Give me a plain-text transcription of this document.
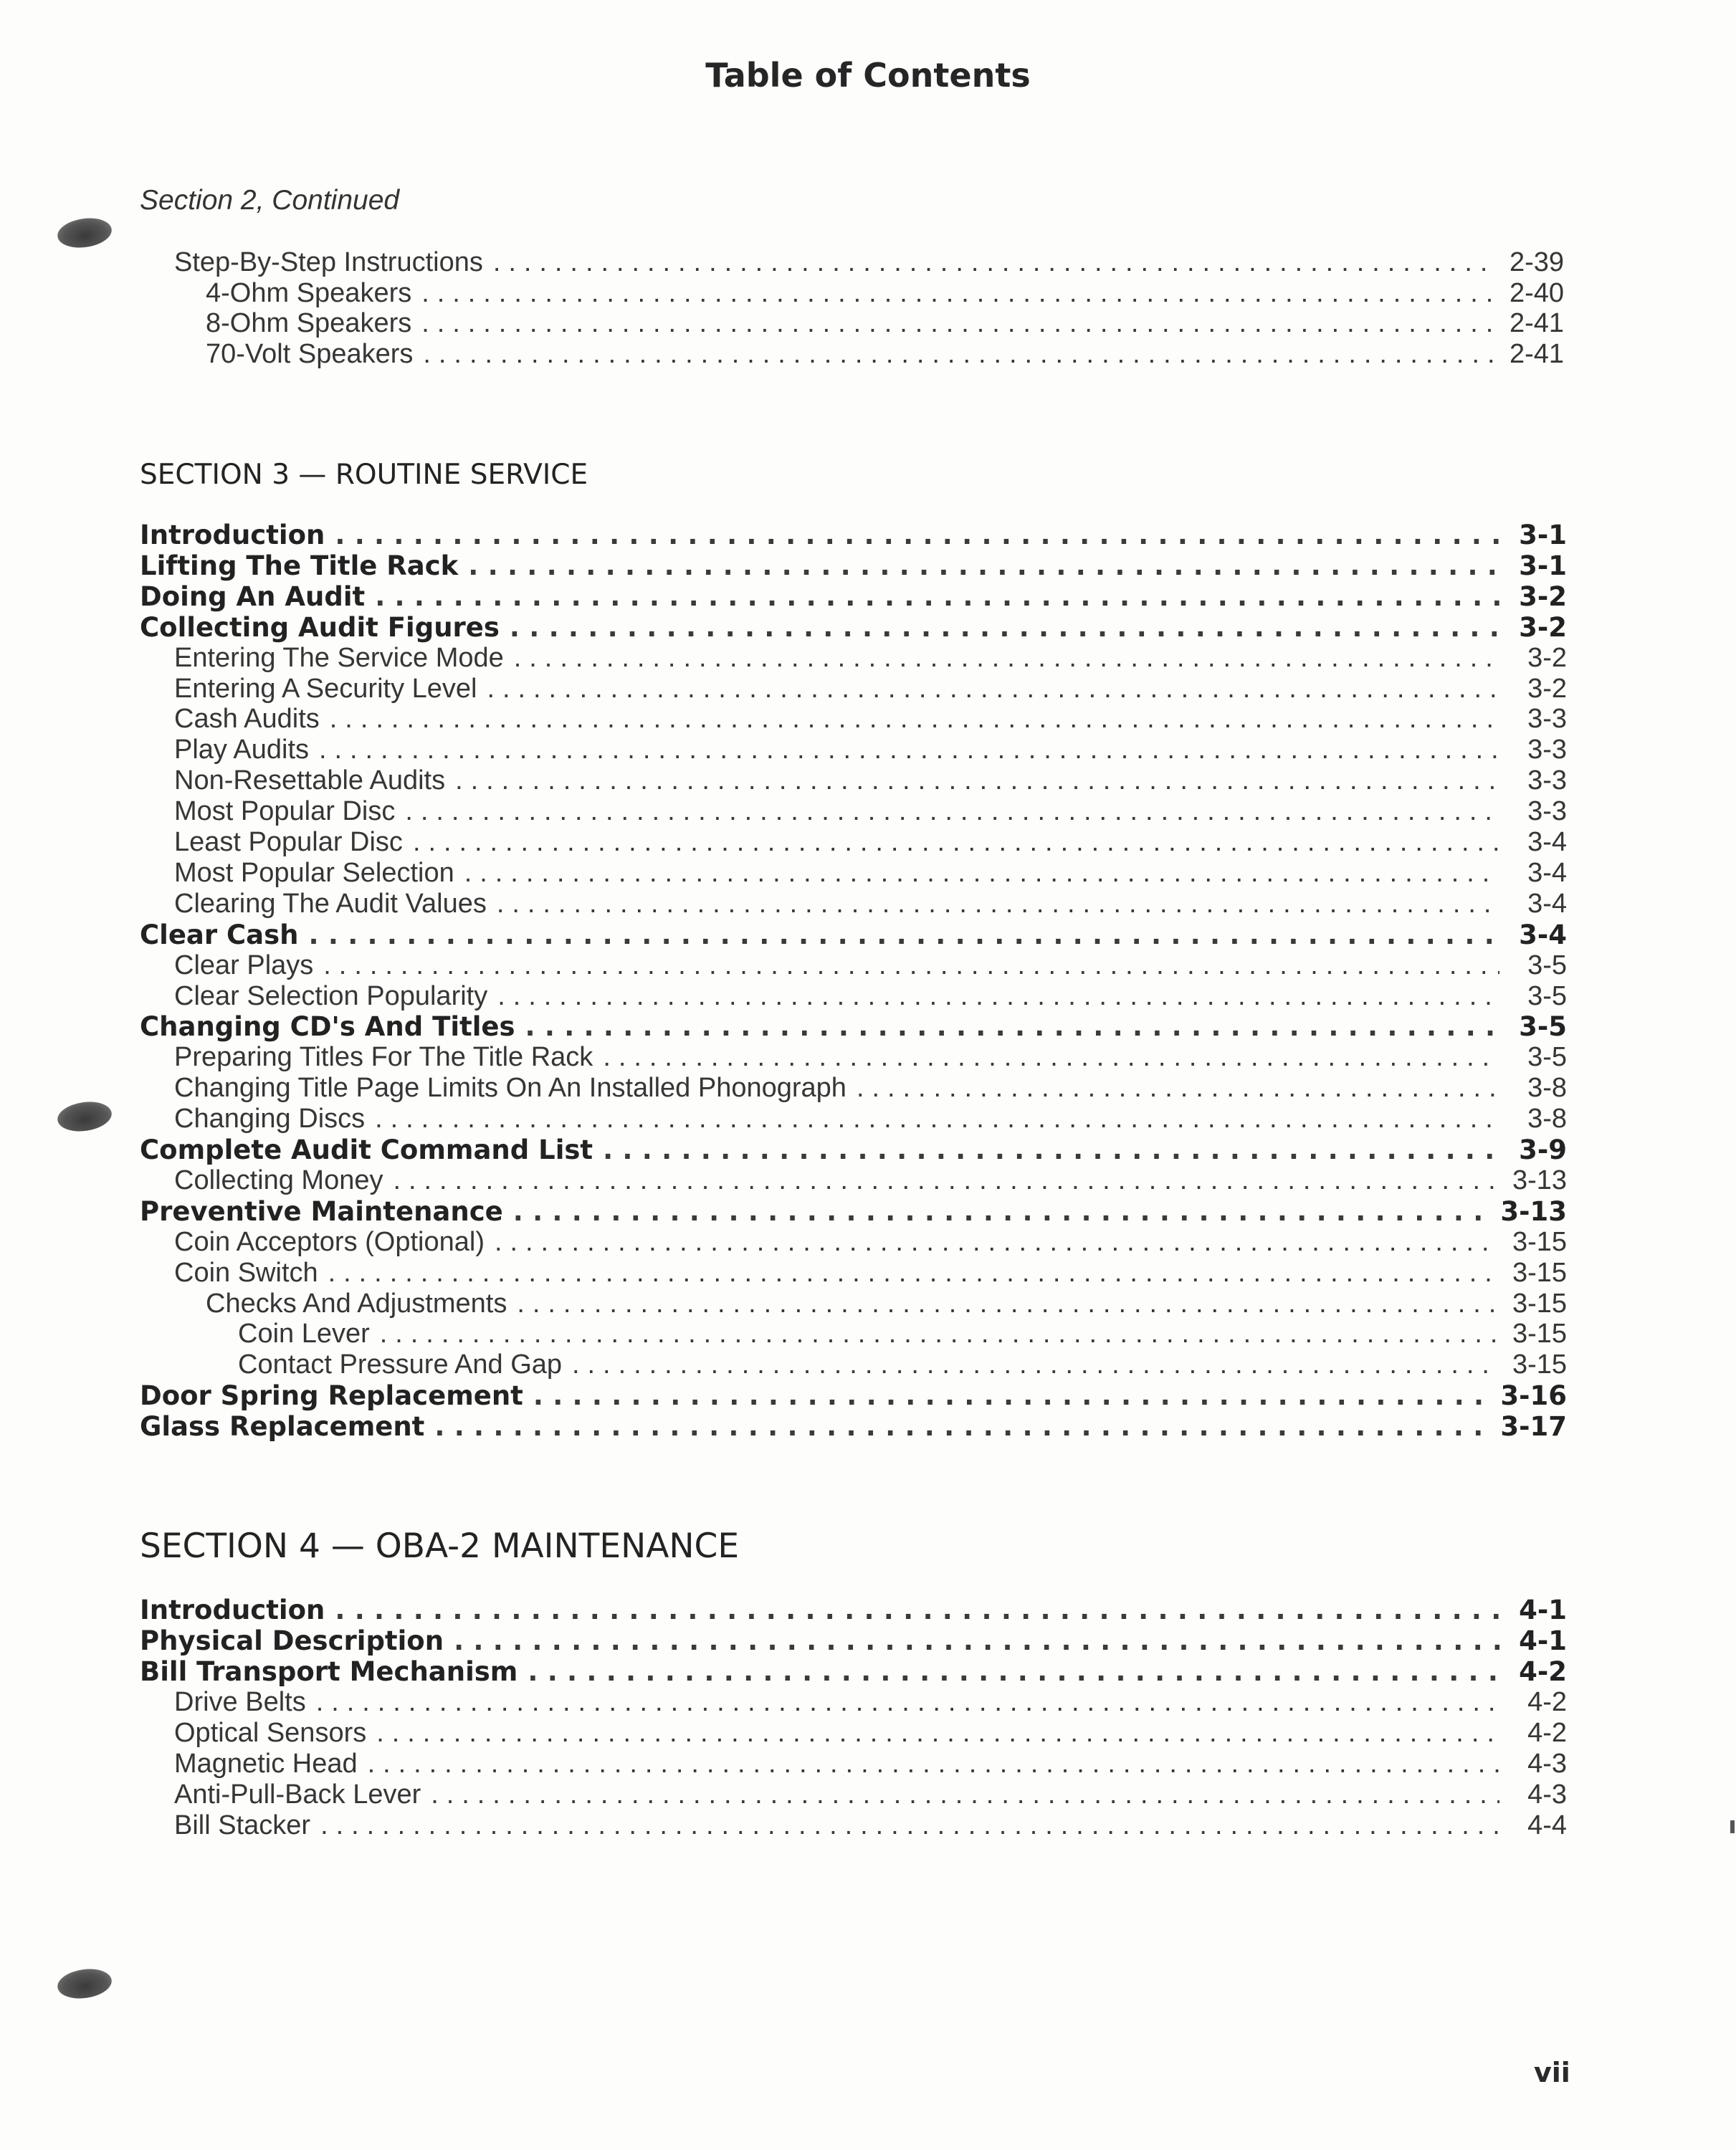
Table of Contents
Section 2, Continued
Step-By-Step Instructions . . .	2-39
4-Ohm Speakers . . .	2-40
8-Ohm Speakers . . .	2-41
70-Volt Speakers . . .	2-41
SECTION 3 — ROUTINE SERVICE
Introduction . . .	3-1
Lifting The Title Rack . . .	3-1
Doing An Audit . . .	3-2
Collecting Audit Figures . . .	3-2
Entering The Service Mode . . .	3-2
Entering A Security Level . . .	3-2
Cash Audits . . .	3-3
Play Audits . . .	3-3
Non-Resettable Audits . . .	3-3
Most Popular Disc . . .	3-3
Least Popular Disc . . .	3-4
Most Popular Selection . . .	3-4
Clearing The Audit Values . . .	3-4
Clear Cash . . .	3-4
Clear Plays . . .	3-5
Clear Selection Popularity . . .	3-5
Changing CD's And Titles . . .	3-5
Preparing Titles For The Title Rack . . .	3-5
Changing Title Page Limits On An Installed Phonograph . . .	3-8
Changing Discs . . .	3-8
Complete Audit Command List . . .	3-9
Collecting Money . . .	3-13
Preventive Maintenance . . .	3-13
Coin Acceptors (Optional) . . .	3-15
Coin Switch . . .	3-15
Checks And Adjustments . . .	3-15
Coin Lever . . .	3-15
Contact Pressure And Gap . . .	3-15
Door Spring Replacement . . .	3-16
Glass Replacement . . .	3-17
SECTION 4 — OBA-2 MAINTENANCE
Introduction . . .	4-1
Physical Description . . .	4-1
Bill Transport Mechanism . . .	4-2
Drive Belts . . .	4-2
Optical Sensors . . .	4-2
Magnetic Head . . .	4-3
Anti-Pull-Back Lever . . .	4-3
Bill Stacker . . .	4-4
vii
